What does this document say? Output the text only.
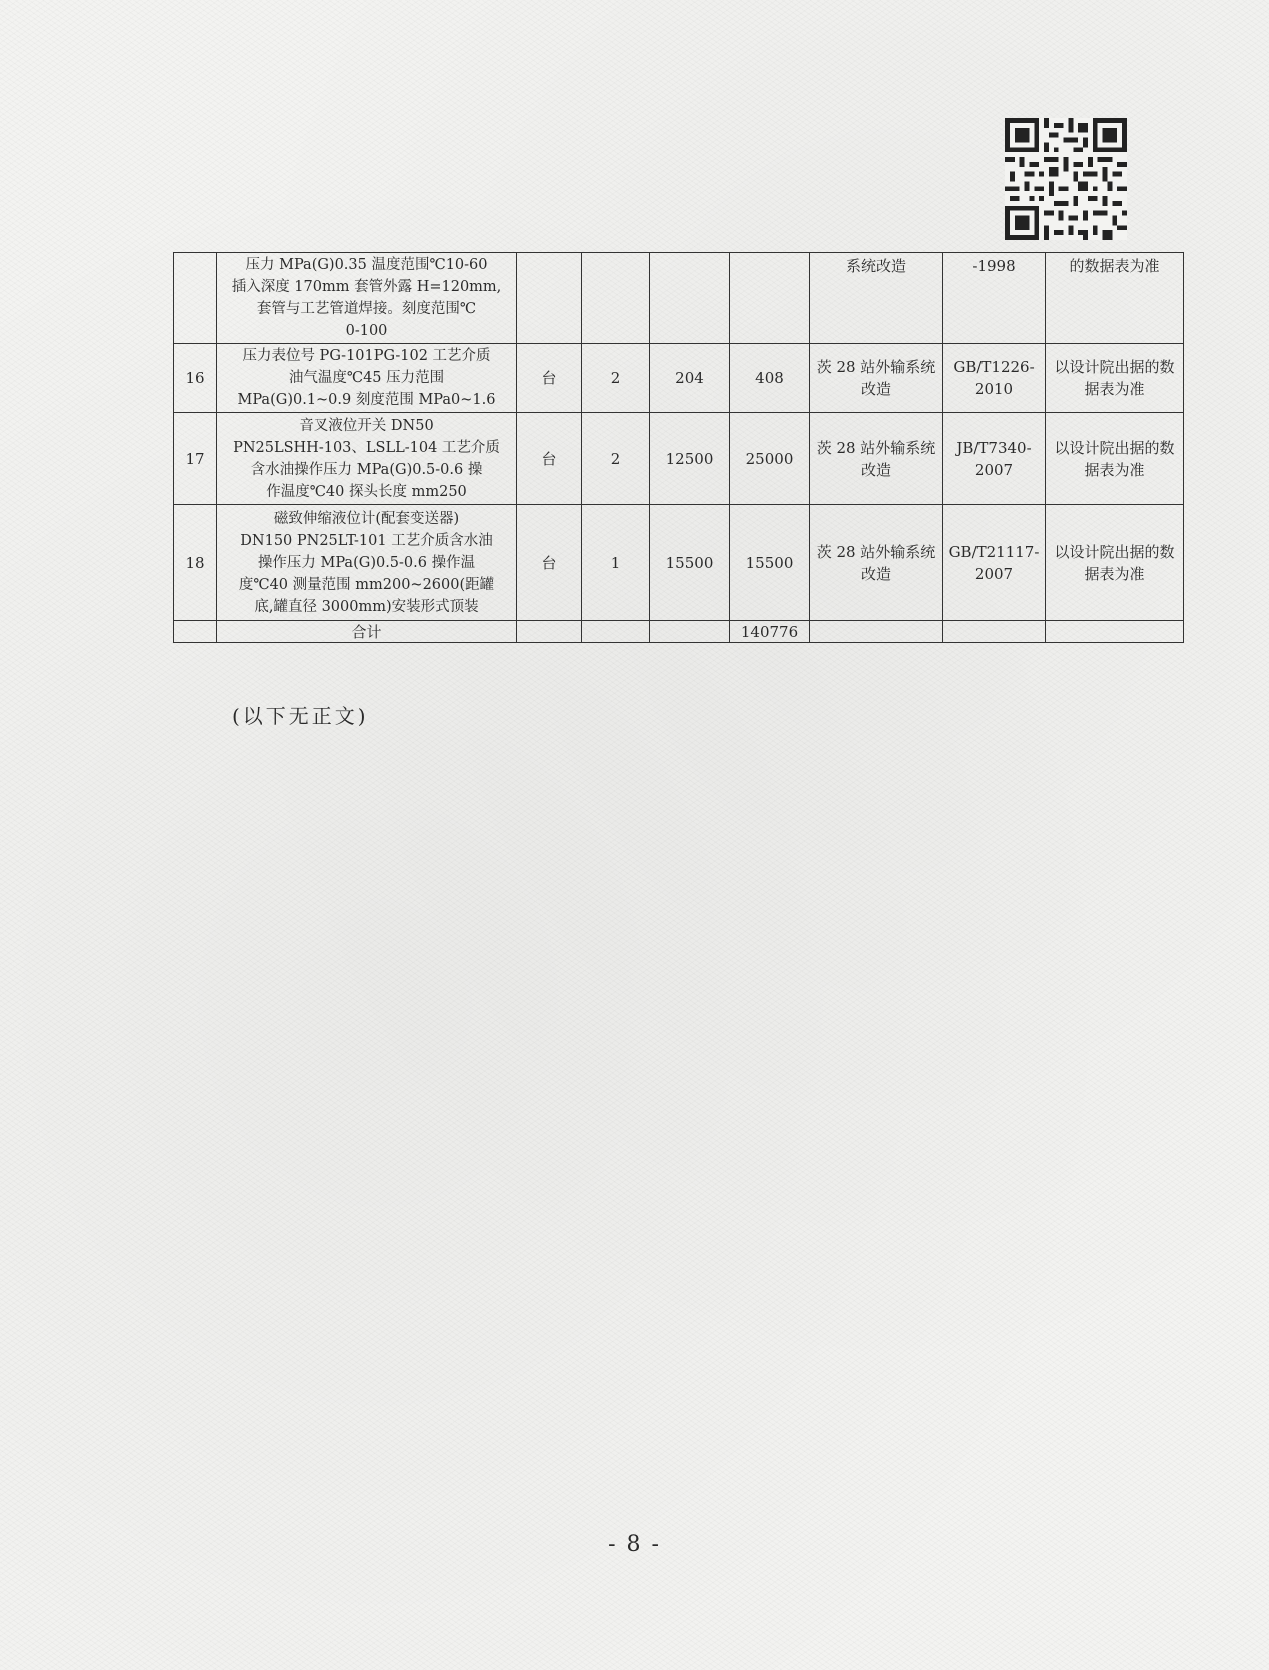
	压力 MPa(G)0.35 温度范围℃10-60
插入深度 170mm 套管外露 H=120mm,
套管与工艺管道焊接。刻度范围℃
0-100					系统改造	-1998	的数据表为准
16	压力表位号 PG-101PG-102 工艺介质
油气温度℃45 压力范围
MPa(G)0.1~0.9 刻度范围 MPa0~1.6	台	2	204	408	茨 28 站外输系统改造	GB/T1226-2010	以设计院出据的数据表为准
17	音叉液位开关 DN50
PN25LSHH-103、LSLL-104 工艺介质
含水油操作压力 MPa(G)0.5-0.6 操
作温度℃40 探头长度 mm250	台	2	12500	25000	茨 28 站外输系统改造	JB/T7340-2007	以设计院出据的数据表为准
18	磁致伸缩液位计(配套变送器)
DN150 PN25LT-101 工艺介质含水油
操作压力 MPa(G)0.5-0.6 操作温
度℃40 测量范围 mm200~2600(距罐
底,罐直径 3000mm)安装形式顶装	台	1	15500	15500	茨 28 站外输系统改造	GB/T21117-2007	以设计院出据的数据表为准
	合计				140776			
(以下无正文)
- 8 -
